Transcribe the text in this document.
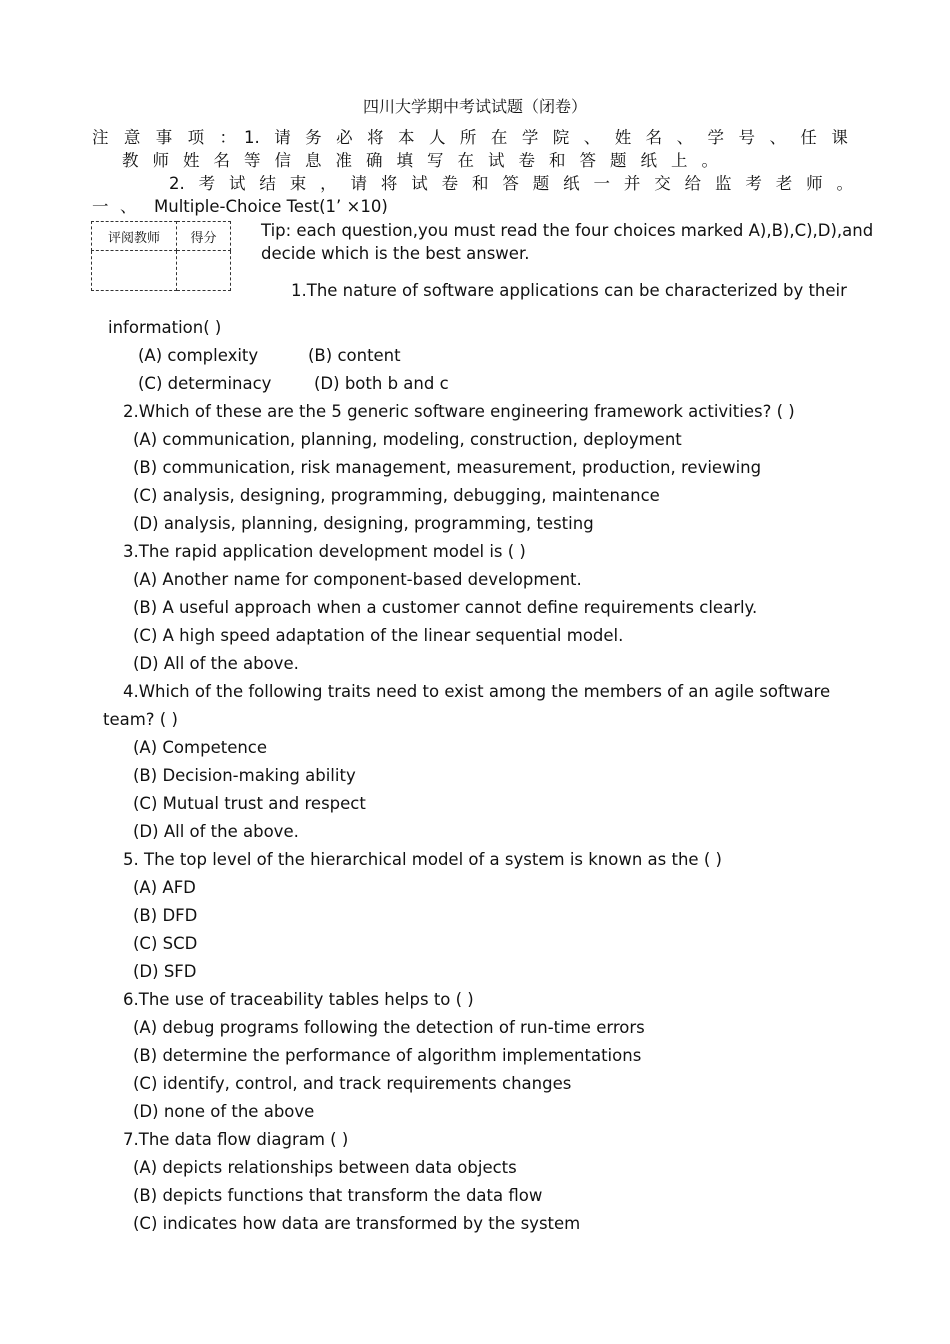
四川大学期中考试试题（闭卷）
注 意 事 项 ： 1. 请 务 必 将 本 人 所 在 学 院 、 姓 名 、 学 号 、 任 课
教 师 姓 名 等 信 息 准 确 填 写 在 试 卷 和 答 题 纸 上 。
2. 考 试 结 束 ， 请 将 试 卷 和 答 题 纸 一 并 交 给 监 考 老 师 。
一 、 Multiple-Choice Test(1’ ×10)
评阅教师	得分
		Tip: each question,you must read the four choices marked A),B),C),D),and
decide which is the best answer.
1.The nature of software applications can be characterized by their
information( )
(A) complexity	(B) content
(C) determinacy	(D) both b and c
2.Which of these are the 5 generic software engineering framework activities? ( )
(A) communication, planning, modeling, construction, deployment
(B) communication, risk management, measurement, production, reviewing
(C) analysis, designing, programming, debugging, maintenance
(D) analysis, planning, designing, programming, testing
3.The rapid application development model is ( )
(A) Another name for component-based development.
(B) A useful approach when a customer cannot define requirements clearly.
(C) A high speed adaptation of the linear sequential model.
(D) All of the above.
4.Which of the following traits need to exist among the members of an agile software
team? ( )
(A) Competence
(B) Decision-making ability
(C) Mutual trust and respect
(D) All of the above.
5. The top level of the hierarchical model of a system is known as the ( )
(A) AFD
(B) DFD
(C) SCD
(D) SFD
6.The use of traceability tables helps to ( )
(A) debug programs following the detection of run-time errors
(B) determine the performance of algorithm implementations
(C) identify, control, and track requirements changes
(D) none of the above
7.The data flow diagram ( )
(A) depicts relationships between data objects
(B) depicts functions that transform the data flow
(C) indicates how data are transformed by the system
